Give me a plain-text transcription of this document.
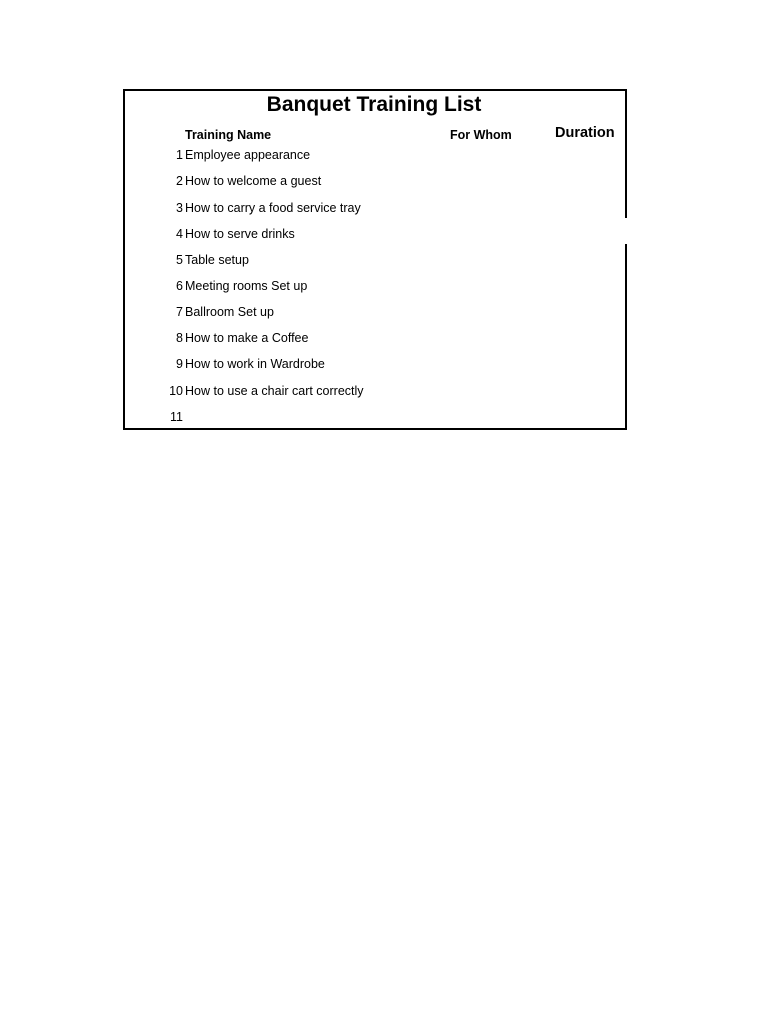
Banquet Training List
Training Name	For Whom	Duration
1 Employee appearance
2 How to welcome a guest
3 How to carry a food service tray
4 How to serve drinks
5 Table setup
6 Meeting rooms Set up
7 Ballroom Set up
8 How to make a Coffee
9 How to work in Wardrobe
10 How to use a chair cart correctly
11
